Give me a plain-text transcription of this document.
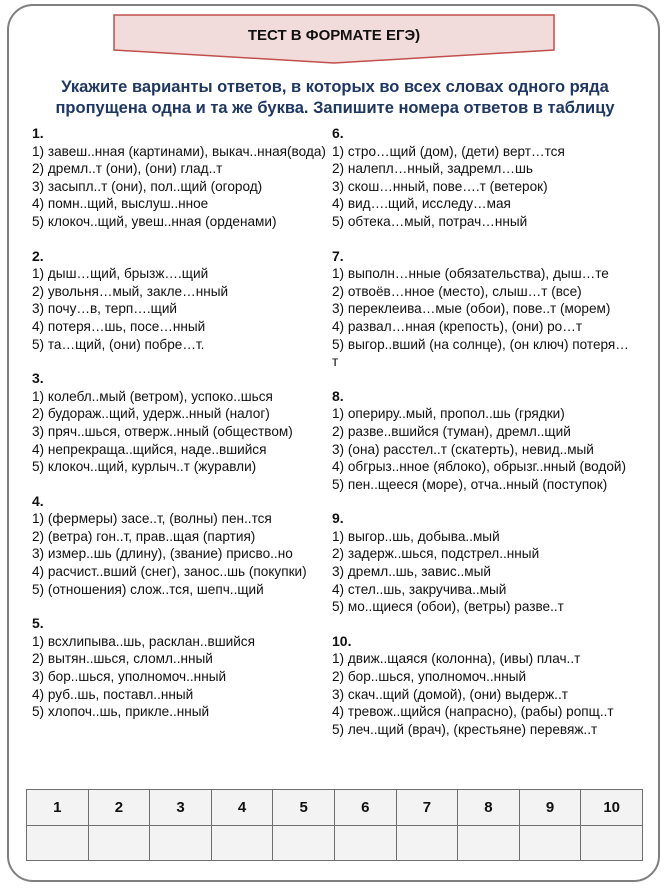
ТЕСТ В ФОРМАТЕ ЕГЭ)
Укажите варианты ответов, в которых во всех словах одного ряда пропущена одна и та же буква. Запишите номера ответов в таблицу
1.
1) завеш..нная (картинами), выкач..нная(вода)
2) дремл..т (они), (они) глад..т
3) засыпл..т (они), пол..щий (огород)
4) помн..щий, выслуш..нное
5) клокоч..щий, увеш..нная (орденами)
2.
1) дыш…щий, брызж….щий
2) увольня…мый, закле…нный
3) почу…в, терп….щий
4) потеря…шь, посе…нный
5) та…щий, (они) побре…т.
3.
1) колебл..мый (ветром), успоко..шься
2) будораж..щий, удерж..нный (налог)
3) пряч..шься, отверж..нный (обществом)
4) непрекраща..щийся, наде..вшийся
5) клокоч..щий, курлыч..т (журавли)
4.
1) (фермеры) засе..т, (волны) пен..тся
2) (ветра) гон..т, прав..щая (партия)
3) измер..шь (длину), (звание) присво..но
4) расчист..вший (снег), занос..шь (покупки)
5) (отношения) слож..тся, шепч..щий
5.
1) всхлипыва..шь, расклан..вшийся
2) вытян..шься, сломл..нный
3) бор..шься, уполномоч..нный
4) руб..шь, поставл..нный
5) хлопоч..шь, прикле..нный
6.
1) стро…щий (дом), (дети) верт…тся
2) налепл…нный, задремл…шь
3) скош…нный, пове….т (ветерок)
4) вид….щий, исследу…мая
5) обтека…мый, потрач…нный
7.
1) выполн…нные (обязательства), дыш…те
2) отвоёв…нное (место), слыш…т (все)
3) переклеива…мые (обои), пове..т (морем)
4) развал…нная (крепость), (они) ро…т
5) выгор..вший (на солнце), (он ключ) потеря…т
8.
1) опериру..мый, пропол..шь (грядки)
2) разве..вшийся (туман), дремл..щий
3) (она) расстел..т (скатерть), невид..мый
4) обгрыз..нное (яблоко), обрызг..нный (водой)
5) пен..щееся (море), отча..нный (поступок)
9.
1) выгор..шь, добыва..мый
2) задерж..шься, подстрел..нный
3) дремл..шь, завис..мый
4) стел..шь, закручива..мый
5) мо..щиеся (обои), (ветры) разве..т
10.
1) движ..щаяся (колонна), (ивы) плач..т
2) бор..шься, уполномоч..нный
3) скач..щий (домой), (они) выдерж..т
4) тревож..щийся (напрасно), (рабы) ропщ..т
5) леч..щий (врач), (крестьяне) перевяж..т
1	2	3	4	5	6	7	8	9	10
